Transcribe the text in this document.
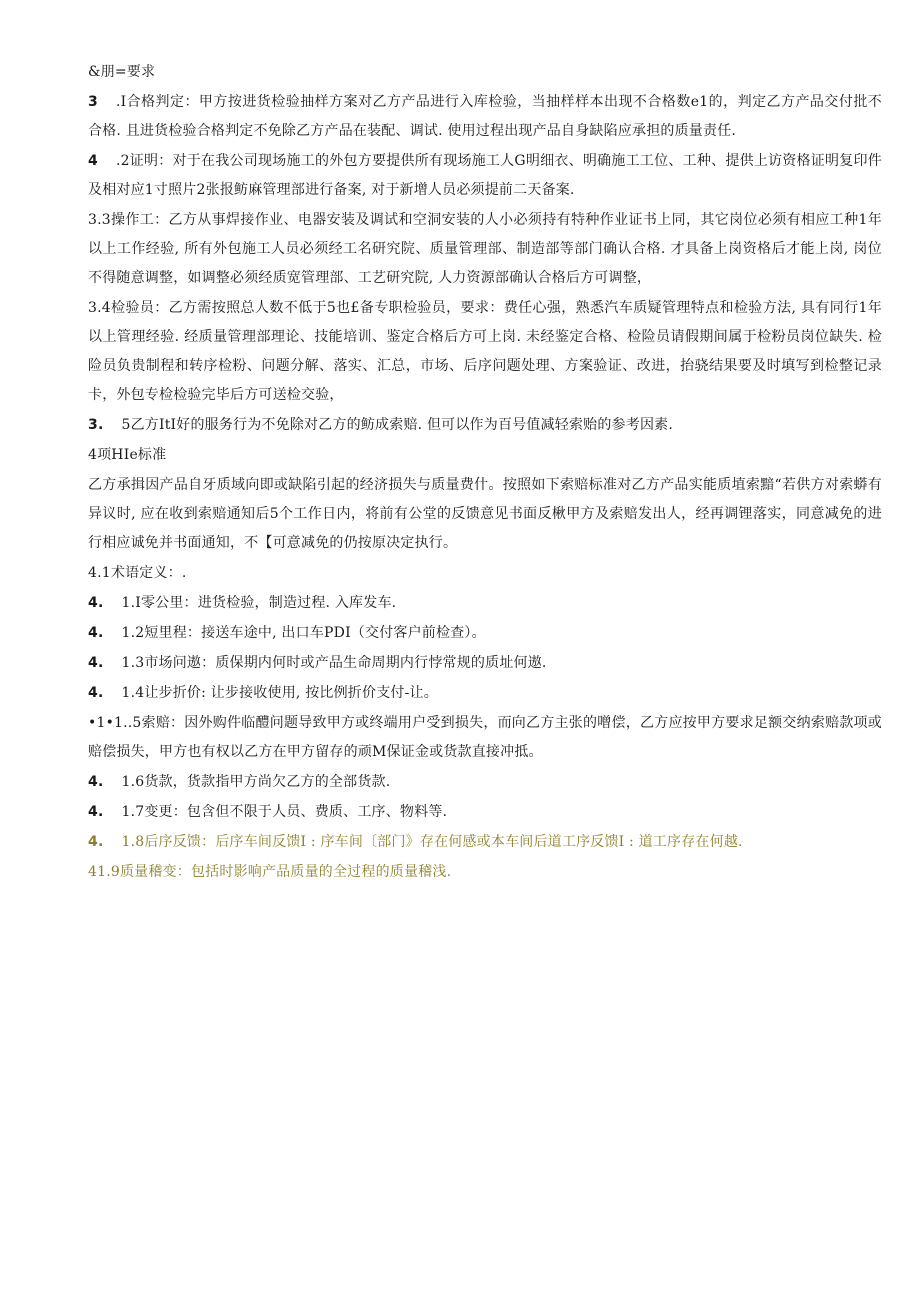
&朋=要求

3 .I合格判定：甲方按进货检验抽样方案对乙方产品进行入库检验，当抽样样本出现不合格数e1的，判定乙方产品交付批不合格. 且进货检验合格判定不免除乙方产品在装配、调试. 使用过程出现产品自身缺陷应承担的质量责任.

4 .2证明：对于在我公司现场施工的外包方要提供所有现场施工人G明细衣、明确施工工位、工种、提供上访资格证明复印件及相对应1寸照片2张报鲂麻管理部进行备案, 对于新增人员必须提前二天备案.

3.3操作工：乙方从事焊接作业、电器安装及调试和空洞安装的人小必须持有特种作业证书上同，其它岗位必须有相应工种1年以上工作经验, 所有外包施工人员必须经工名研究院、质量管理部、制造部等部门确认合格. 才具备上岗资格后才能上岗, 岗位不得随意调整，如调整必须经质宽管理部、工艺研究院, 人力资源部确认合格后方可调整，

3.4检验员：乙方需按照总人数不低于5也£备专职检验员，要求：费任心强，熟悉汽车质疑管理特点和检验方法, 具有同行1年以上管理经验. 经质量管理部理论、技能培训、鉴定合格后方可上岗. 未经鉴定合格、检险员请假期间属于检粉员岗位缺失. 检险员负贵制程和转序检粉、问题分解、落实、汇总，市场、后序问题处理、方案验证、改进，抬骁结果要及时填写到检整记录卡，外包专检检验完毕后方可送检交验，

3. 5乙方ItI好的服务行为不免除对乙方的鲂成索赔. 但可以作为百号值减轻索贻的参考因素.

4项HIe标准

乙方承揖因产品自牙质域向即或缺陷引起的经济损失与质量费什。按照如下索赔标准对乙方产品实能质埴索黯“若供方对索蟒有异议时, 应在收到索赔通知后5个工作日内，将前有公堂的反馈意见书面反楸甲方及索赔发出人，经再调锂落实，同意减免的进行相应诚免并书面通知，不【可意减免的仍按原决定执行。

4.1术语定义：.

4. 1.I零公里：进货检验，制造过程. 入库发车.

4. 1.2短里程：接送车途中, 出口车PDI（交付客户前检查）。

4. 1.3市场问遨：质保期内何时或产品生命周期内行悖常规的质址何遨.

4. 1.4让步折价: 让步接收使用, 按比例折价支付-让。

•1•1..5索赔：因外购件临醴问题导致甲方或终端用户受到损失，而向乙方主张的噌偿，乙方应按甲方要求足额交纳索赔款项或赔偿损失，甲方也有权以乙方在甲方留存的顽M保证金或货款直接冲抵。

4. 1.6货款，货款指甲方尚欠乙方的全部货款.

4. 1.7变更：包含但不限于人员、费质、工序、物料等.

4. 1.8后序反馈：后序车间反馈I : 序车间〔部门》存在何感或本车间后道工序反馈I : 道工序存在何越.

41.9质量稽变：包括时影响产品质量的全过程的质量稽浅.
